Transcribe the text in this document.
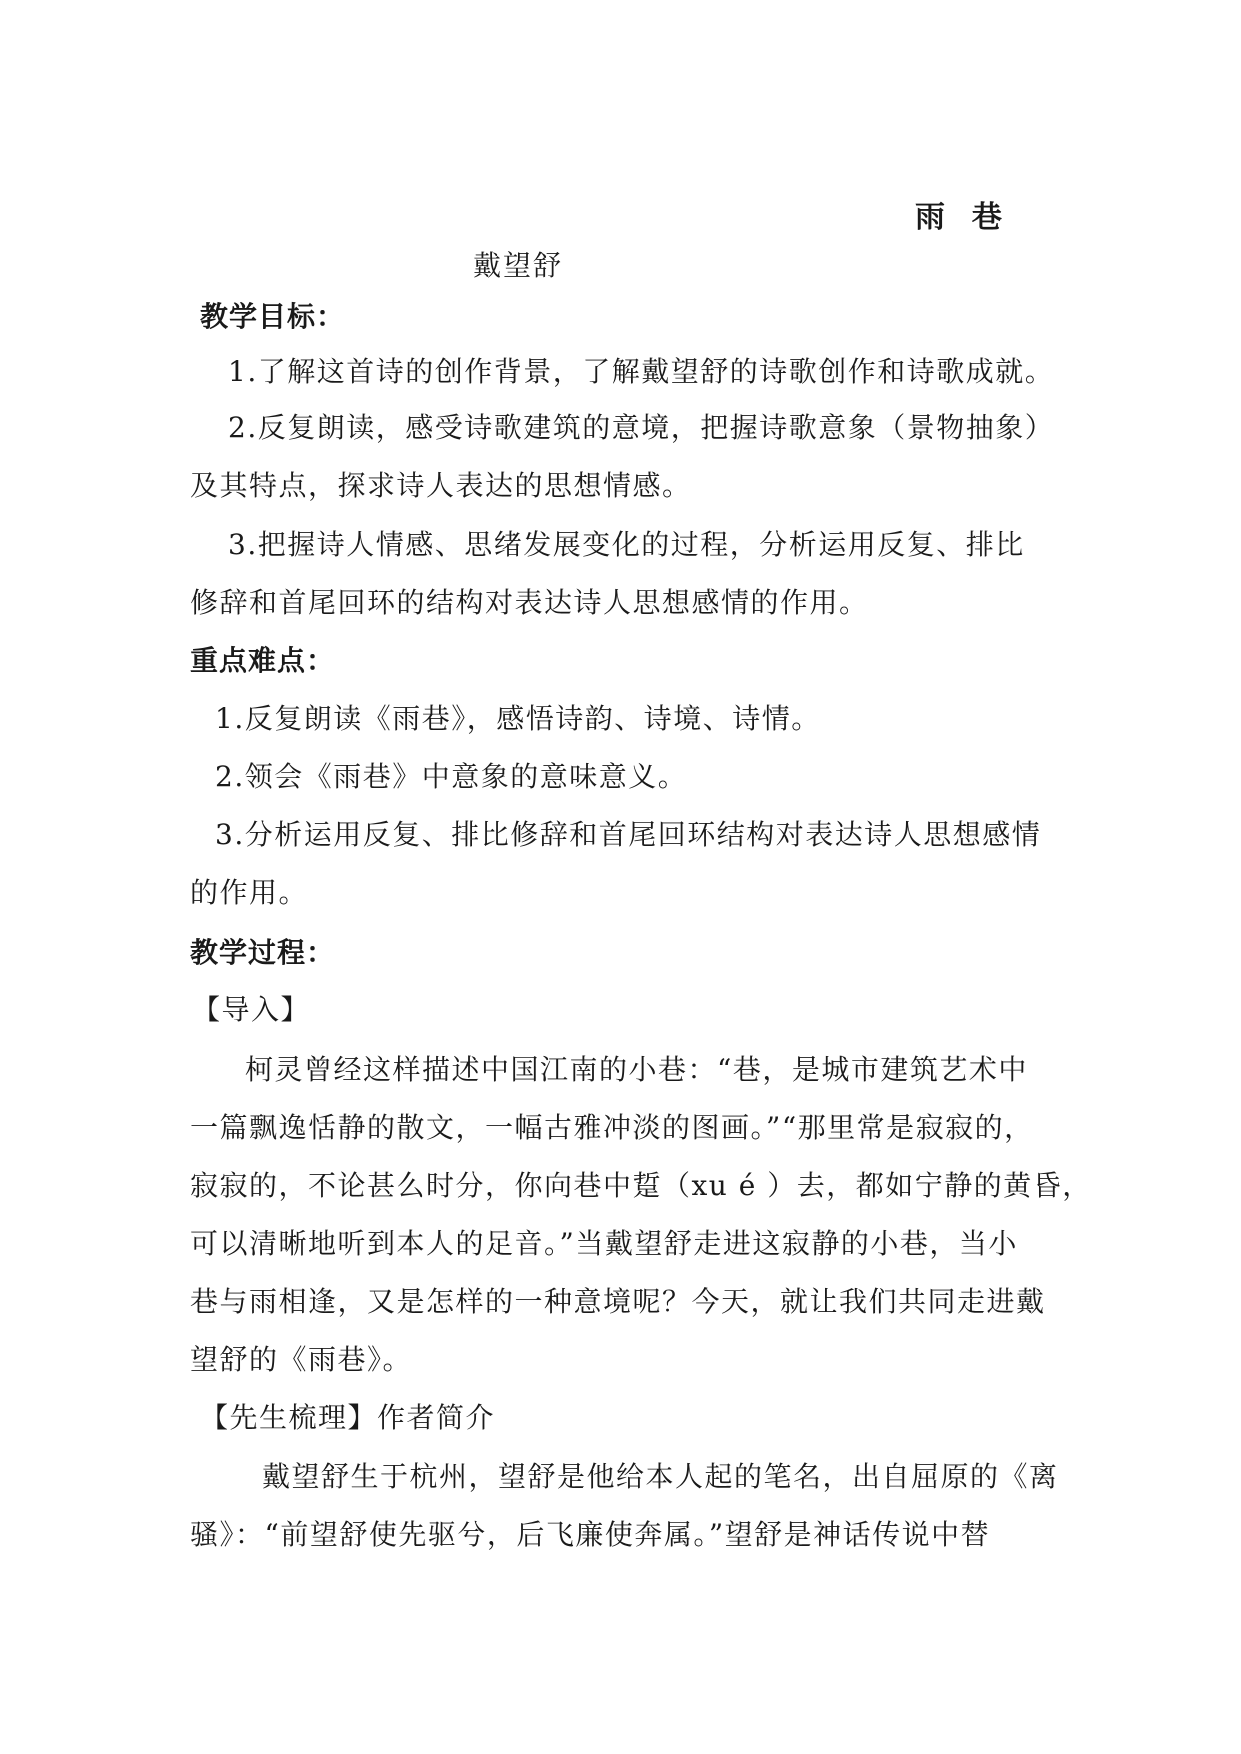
雨  巷
戴望舒
教学目标：
1.了解这首诗的创作背景，了解戴望舒的诗歌创作和诗歌成就。
2.反复朗读，感受诗歌建筑的意境，把握诗歌意象（景物抽象）
及其特点，探求诗人表达的思想情感。
3.把握诗人情感、思绪发展变化的过程，分析运用反复、排比
修辞和首尾回环的结构对表达诗人思想感情的作用。
重点难点：
1.反复朗读《雨巷》，感悟诗韵、诗境、诗情。
2.领会《雨巷》中意象的意味意义。
3.分析运用反复、排比修辞和首尾回环结构对表达诗人思想感情
的作用。
教学过程：
【导入】
柯灵曾经这样描述中国江南的小巷：“巷，是城市建筑艺术中
一篇飘逸恬静的散文，一幅古雅冲淡的图画。”“那里常是寂寂的，
寂寂的，不论甚么时分，你向巷中踅（xu é ）去，都如宁静的黄昏，
可以清晰地听到本人的足音。”当戴望舒走进这寂静的小巷，当小
巷与雨相逢，又是怎样的一种意境呢？今天，就让我们共同走进戴
望舒的《雨巷》。
【先生梳理】作者简介
戴望舒生于杭州，望舒是他给本人起的笔名，出自屈原的《离
骚》：“前望舒使先驱兮，后飞廉使奔属。”望舒是神话传说中替
